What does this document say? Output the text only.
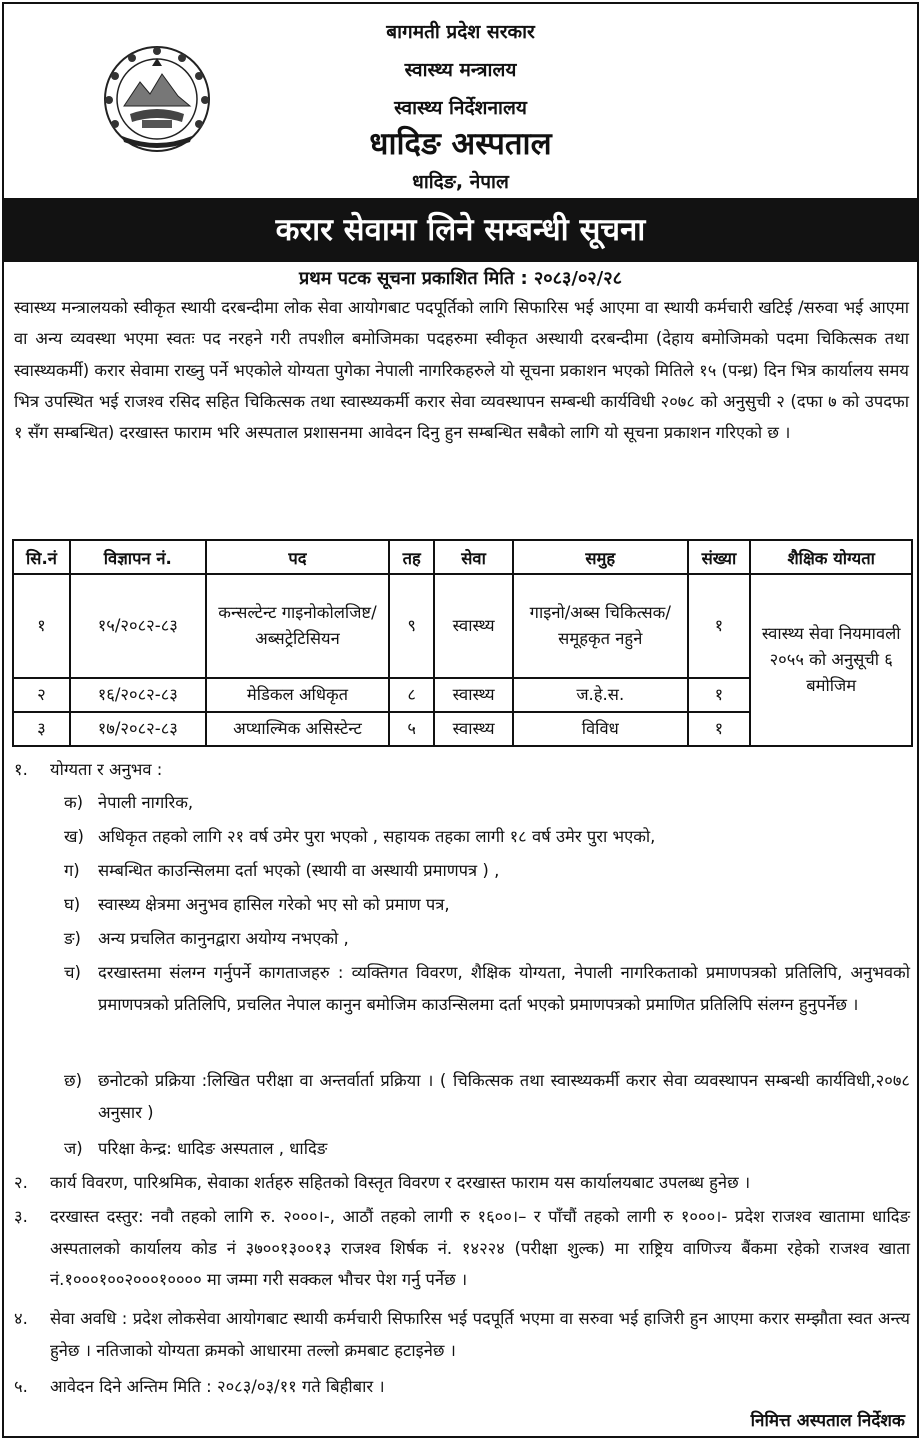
बागमती प्रदेश सरकार
स्वास्थ्य मन्त्रालय
स्वास्थ्य निर्देशनालय
धादिङ अस्पताल
धादिङ, नेपाल
करार सेवामा लिने सम्बन्धी सूचना
प्रथम पटक सूचना प्रकाशित मिति : २०८३/०२/२८
स्वास्थ्य मन्त्रालयको स्वीकृत स्थायी दरबन्दीमा लोक सेवा आयोगबाट पदपूर्तिको लागि सिफारिस भई आएमा वा स्थायी कर्मचारी खटिई /सरुवा भई आएमा वा अन्य व्यवस्था भएमा स्वतः पद नरहने गरी तपशील बमोजिमका पदहरुमा स्वीकृत अस्थायी दरबन्दीमा (देहाय बमोजिमको पदमा चिकित्सक तथा स्वास्थ्यकर्मी) करार सेवामा राख्नु पर्ने भएकोले योग्यता पुगेका नेपाली नागरिकहरुले यो सूचना प्रकाशन भएको मितिले १५ (पन्ध्र) दिन भित्र कार्यालय समय भित्र उपस्थित भई राजश्व रसिद सहित चिकित्सक तथा स्वास्थ्यकर्मी करार सेवा व्यवस्थापन सम्बन्धी कार्यविधी २०७८ को अनुसुची २ (दफा ७ को उपदफा १ सँग सम्बन्धित) दरखास्त फाराम भरि अस्पताल प्रशासनमा आवेदन दिनु हुन सम्बन्धित सबैको लागि यो सूचना प्रकाशन गरिएको छ ।
सि.नं	विज्ञापन नं.	पद	तह	सेवा	समुह	संख्या	शैक्षिक योग्यता
१	१५/२०८२-८३	कन्सल्टेन्ट गाइनोकोलजिष्ट/ अब्सट्रेटिसियन	९	स्वास्थ्य	गाइनो/अब्स चिकित्सक/समूहकृत नहुने	१	स्वास्थ्य सेवा नियमावली २०५५ को अनुसूची ६ बमोजिम
२	१६/२०८२-८३	मेडिकल अधिकृत	८	स्वास्थ्य	ज.हे.स.	१	
३	१७/२०८२-८३	अप्थाल्मिक असिस्टेन्ट	५	स्वास्थ्य	विविध	१	
१. योग्यता र अनुभव :
क) नेपाली नागरिक,
ख) अधिकृत तहको लागि २१ वर्ष उमेर पुरा भएको , सहायक तहका लागी १८ वर्ष उमेर पुरा भएको,
ग) सम्बन्धित काउन्सिलमा दर्ता भएको (स्थायी वा अस्थायी प्रमाणपत्र ) ,
घ) स्वास्थ्य क्षेत्रमा अनुभव हासिल गरेको भए सो को प्रमाण पत्र,
ङ) अन्य प्रचलित कानुनद्वारा अयोग्य नभएको ,
च) दरखास्तमा संलग्न गर्नुपर्ने कागताजहरु : व्यक्तिगत विवरण, शैक्षिक योग्यता, नेपाली नागरिकताको प्रमाणपत्रको प्रतिलिपि, अनुभवको प्रमाणपत्रको प्रतिलिपि, प्रचलित नेपाल कानुन बमोजिम काउन्सिलमा दर्ता भएको प्रमाणपत्रको प्रमाणित प्रतिलिपि संलग्न हुनुपर्नेछ ।
छ) छनोटको प्रक्रिया :लिखित परीक्षा वा अन्तर्वार्ता प्रक्रिया । ( चिकित्सक तथा स्वास्थ्यकर्मी करार सेवा व्यवस्थापन सम्बन्धी कार्यविधी,२०७८ अनुसार )
ज) परिक्षा केन्द्र: धादिङ अस्पताल , धादिङ
२. कार्य विवरण, पारिश्रमिक, सेवाका शर्तहरु सहितको विस्तृत विवरण र दरखास्त फाराम यस कार्यालयबाट उपलब्ध हुनेछ ।
३. दरखास्त दस्तुर: नवौ तहको लागि रु. २०००।-, आठौं तहको लागी रु १६००।– र पाँचौं तहको लागी रु १०००।- प्रदेश राजश्व खातामा धादिङ अस्पतालको कार्यालय कोड नं ३७००१३००१३ राजश्व शिर्षक नं. १४२२४ (परीक्षा शुल्क) मा राष्ट्रिय वाणिज्य बैंकमा रहेको राजश्व खाता नं.१०००१००२०००१०००० मा जम्मा गरी सक्कल भौचर पेश गर्नु पर्नेछ ।
४. सेवा अवधि : प्रदेश लोकसेवा आयोगबाट स्थायी कर्मचारी सिफारिस भई पदपूर्ति भएमा वा सरुवा भई हाजिरी हुन आएमा करार सम्झौता स्वत अन्त्य हुनेछ । नतिजाको योग्यता क्रमको आधारमा तल्लो क्रमबाट हटाइनेछ ।
५. आवेदन दिने अन्तिम मिति : २०८३/०३/११ गते बिहीबार ।
निमित्त अस्पताल निर्देशक
